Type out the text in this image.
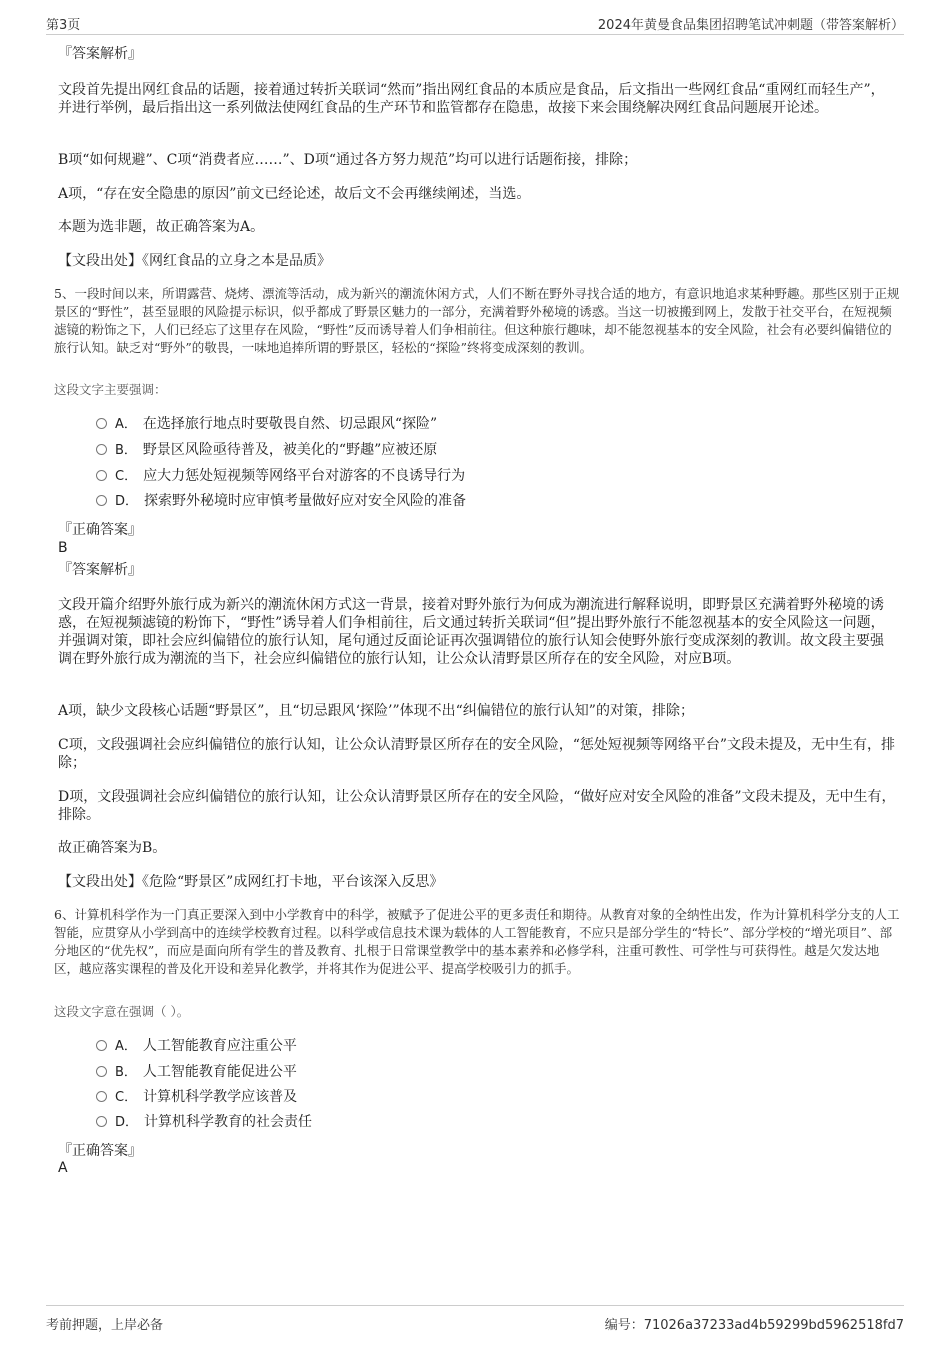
第3页	2024年黄曼食品集团招聘笔试冲刺题（带答案解析）
『答案解析』
文段首先提出网红食品的话题，接着通过转折关联词“然而”指出网红食品的本质应是食品，后文指出一些网红食品“重网红而轻生产”，并进行举例，最后指出这一系列做法使网红食品的生产环节和监管都存在隐患，故接下来会围绕解决网红食品问题展开论述。
B项“如何规避”、C项“消费者应……”、D项“通过各方努力规范”均可以进行话题衔接，排除；
A项，“存在安全隐患的原因”前文已经论述，故后文不会再继续阐述，当选。
本题为选非题，故正确答案为A。
【文段出处】《网红食品的立身之本是品质》
5、一段时间以来，所谓露营、烧烤、漂流等活动，成为新兴的潮流休闲方式，人们不断在野外寻找合适的地方，有意识地追求某种野趣。那些区别于正规景区的“野性”，甚至显眼的风险提示标识，似乎都成了野景区魅力的一部分，充满着野外秘境的诱惑。当这一切被搬到网上，发散于社交平台，在短视频滤镜的粉饰之下，人们已经忘了这里存在风险，“野性”反而诱导着人们争相前往。但这种旅行趣味，却不能忽视基本的安全风险，社会有必要纠偏错位的旅行认知。缺乏对“野外”的敬畏，一味地追捧所谓的野景区，轻松的“探险”终将变成深刻的教训。
这段文字主要强调：
A． 在选择旅行地点时要敬畏自然、切忌跟风“探险”
B． 野景区风险亟待普及，被美化的“野趣”应被还原
C． 应大力惩处短视频等网络平台对游客的不良诱导行为
D． 探索野外秘境时应审慎考量做好应对安全风险的准备
『正确答案』
B
『答案解析』
文段开篇介绍野外旅行成为新兴的潮流休闲方式这一背景，接着对野外旅行为何成为潮流进行解释说明，即野景区充满着野外秘境的诱惑，在短视频滤镜的粉饰下，“野性”诱导着人们争相前往，后文通过转折关联词“但”提出野外旅行不能忽视基本的安全风险这一问题，并强调对策，即社会应纠偏错位的旅行认知，尾句通过反面论证再次强调错位的旅行认知会使野外旅行变成深刻的教训。故文段主要强调在野外旅行成为潮流的当下，社会应纠偏错位的旅行认知，让公众认清野景区所存在的安全风险，对应B项。
A项，缺少文段核心话题“野景区”，且“切忌跟风‘探险’”体现不出“纠偏错位的旅行认知”的对策，排除；
C项，文段强调社会应纠偏错位的旅行认知，让公众认清野景区所存在的安全风险，“惩处短视频等网络平台”文段未提及，无中生有，排除；
D项，文段强调社会应纠偏错位的旅行认知，让公众认清野景区所存在的安全风险，“做好应对安全风险的准备”文段未提及，无中生有，排除。
故正确答案为B。
【文段出处】《危险“野景区”成网红打卡地，平台该深入反思》
6、计算机科学作为一门真正要深入到中小学教育中的科学，被赋予了促进公平的更多责任和期待。从教育对象的全纳性出发，作为计算机科学分支的人工智能，应贯穿从小学到高中的连续学校教育过程。以科学或信息技术课为载体的人工智能教育，不应只是部分学生的“特长”、部分学校的“增光项目”、部分地区的“优先权”，而应是面向所有学生的普及教育、扎根于日常课堂教学中的基本素养和必修学科，注重可教性、可学性与可获得性。越是欠发达地区，越应落实课程的普及化开设和差异化教学，并将其作为促进公平、提高学校吸引力的抓手。
这段文字意在强调（ ）。
A． 人工智能教育应注重公平
B． 人工智能教育能促进公平
C． 计算机科学教学应该普及
D． 计算机科学教育的社会责任
『正确答案』
A
考前押题，上岸必备	编号：71026a37233ad4b59299bd5962518fd7
